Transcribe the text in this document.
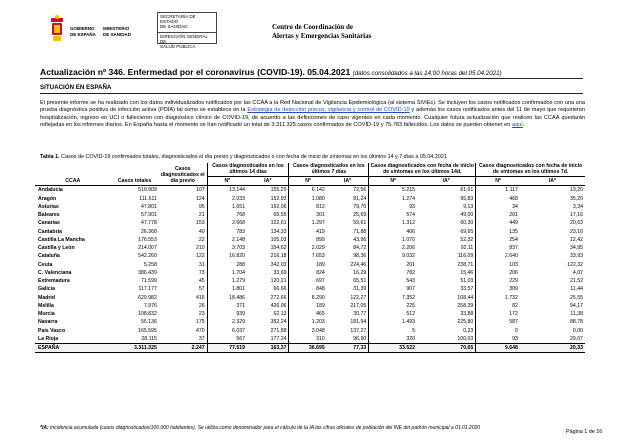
GOBIERNO
DE ESPAÑA
MINISTERIO
DE SANIDAD
SECRETARÍA DE ESTADO
DE SANIDAD
DIRECCIÓN GENERAL DE
SALUD PÚBLICA
Centro de Coordinación de
Alertas y Emergencias Sanitarias
Actualización nº 346. Enfermedad por el coronavirus (COVID-19). 05.04.2021 (datos consolidados a las 14:00 horas del 05.04.2021)
SITUACIÓN EN ESPAÑA
El presente informe se ha realizado con los datos individualizados notificados por las CCAA a la Red Nacional de Vigilancia Epidemiológica (al sistema SiViEs). Se incluyen los casos notificados confirmados con una una prueba diagnóstica positiva de infección activa (PDIA) tal como se establece en la Estrategia de detección precoz, vigilancia y control de COVID-19 y además los casos notificados antes del 11 de mayo que requirieron hospitalización, ingreso en UCI o fallecieron con diagnóstico clínico de COVID-19, de acuerdo a las definiciones de caso vigentes en cada momento. Cualquier futura actualización que realicen las CCAA quedarán reflejadas en los informes diarios. En España hasta el momento se han notificado un total de 3.311.325 casos confirmados de COVID-19 y 75.783 fallecidos. Los datos se pueden obtener en aquí.
Tabla 1. Casos de COVID-19 confirmados totales, diagnosticados el día previo y diagnosticados o con fecha de inicio de síntomas en los últimos 14 y 7 días a 05.04.2021
CCAA	Casos totales	Casos diagnosticados el día previo	Casos diagnosticados en los últimos 14 días		Casos diagnosticados en los últimos 7 días		Casos diagnosticados con fecha de inicio de síntomas en los últimos 14d.		Casos diagnosticados con fecha de inicio de síntomas en los últimos 7d.	
			Nº	IA*	Nº	IA*	Nº	IA*	Nº	IA*
Andalucía	510.909	107	13.144	155,29	6.142	72,56	5.215	61,61	1.117	13,20
Aragón	111.611	124	2.033	152,93	1.080	81,24	1.274	95,83	468	35,20
Asturias	47.801	95	1.651	162,06	812	79,70	93	9,13	34	3,34
Baleares	57.901	21	768	65,55	301	25,69	574	49,00	201	17,16
Canarias	47.778	153	2.668	122,61	1.297	59,61	1.312	60,30	449	20,63
Cantabria	26.368	40	783	134,33	419	71,88	406	69,65	135	23,16
Castilla La Mancha	176.553	22	2.148	105,03	899	43,96	1.070	52,32	254	12,42
Castilla y León	214.007	210	3.703	154,62	2.029	84,72	2.206	92,11	837	34,95
Cataluña	542.260	122	16.820	216,18	7.653	98,36	9.032	116,09	2.640	33,93
Ceuta	5.258	31	288	342,03	189	224,46	201	238,71	103	122,32
C. Valenciana	386.439	73	1.704	33,69	824	16,29	782	15,46	206	4,07
Extremadura	71.599	45	1.279	120,21	697	65,51	543	51,03	229	21,52
Galicia	117.177	57	1.801	66,66	848	31,39	907	33,57	309	11,44
Madrid	629.982	416	18.486	272,66	8.290	122,27	7.352	108,44	1.732	25,55
Melilla	7.976	26	371	426,06	189	217,05	225	258,39	82	94,17
Murcia	108.832	23	939	62,13	465	30,77	512	33,88	172	11,38
Navarra	55.136	175	2.329	352,24	1.203	181,94	1.493	225,80	587	88,78
País Vasco	165.595	470	6.037	271,88	3.048	137,27	5	0,23	0	0,00
La Rioja	28.115	37	567	177,24	310	96,90	320	100,03	93	29,07
ESPAÑA	3.311.325	2.247	77.519	163,37	36.695	77,33	33.522	70,65	9.648	20,33
*IA: Incidencia acumulada (casos diagnosticados/100.000 habitantes). Se utiliza como denominador para el cálculo de la IA las cifras oficiales de población del INE del padrón municipal a 01.01.2020
Página 1 de 16
